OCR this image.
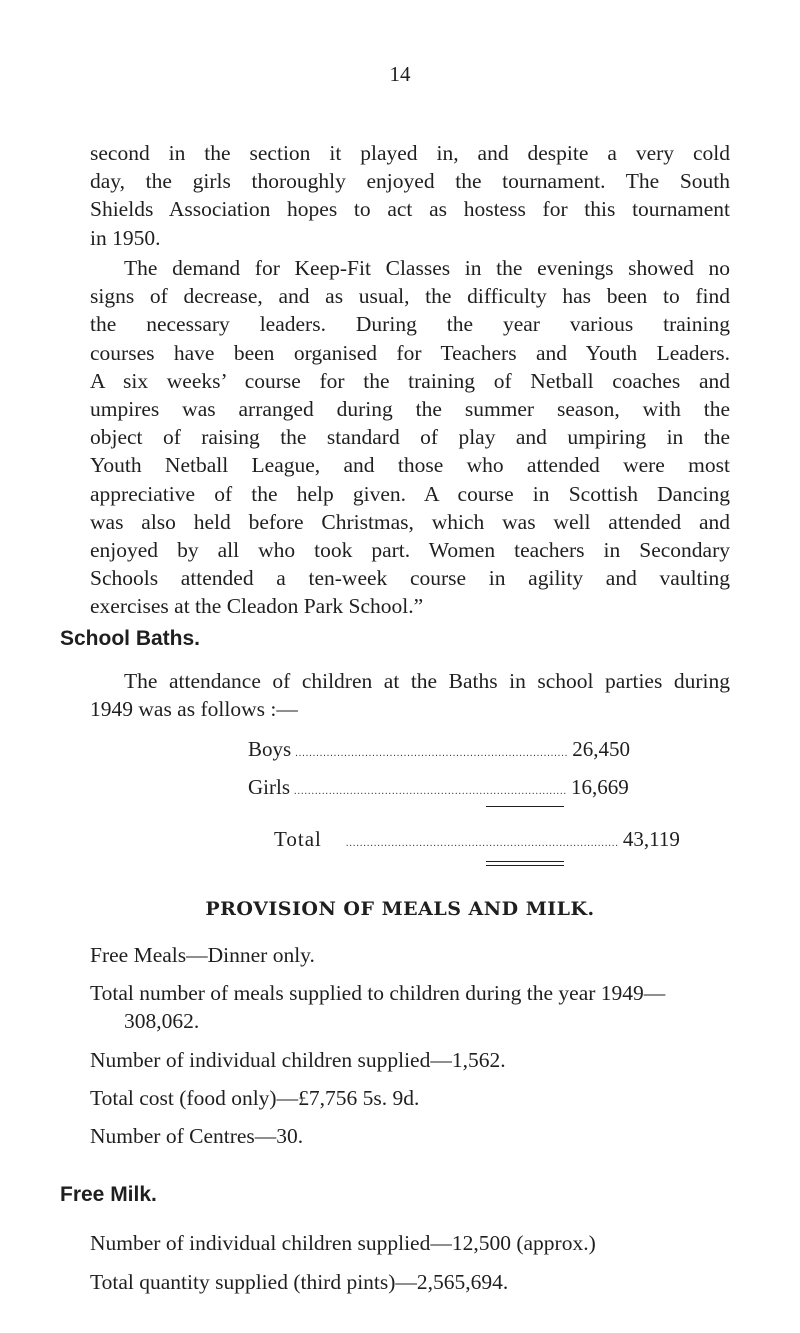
14
second in the section it played in, and despite a very cold
day, the girls thoroughly enjoyed the tournament. The South
Shields Association hopes to act as hostess for this tournament
in 1950.
The demand for Keep-Fit Classes in the evenings showed no
signs of decrease, and as usual, the difficulty has been to find
the necessary leaders. During the year various training
courses have been organised for Teachers and Youth Leaders.
A six weeks’ course for the training of Netball coaches and
umpires was arranged during the summer season, with the
object of raising the standard of play and umpiring in the
Youth Netball League, and those who attended were most
appreciative of the help given. A course in Scottish Dancing
was also held before Christmas, which was well attended and
enjoyed by all who took part. Women teachers in Secondary
Schools attended a ten-week course in agility and vaulting
exercises at the Cleadon Park School.”
School Baths.
The attendance of children at the Baths in school parties during
1949 was as follows :—
Boys .............................................................................. 26,450
Girls .............................................................................. 16,669
Total .............................................................................. 43,119
PROVISION OF MEALS AND MILK.
Free Meals—Dinner only.
Total number of meals supplied to children during the year 1949—
308,062.
Number of individual children supplied—1,562.
Total cost (food only)—£7,756 5s. 9d.
Number of Centres—30.
Free Milk.
Number of individual children supplied—12,500 (approx.)
Total quantity supplied (third pints)—2,565,694.
